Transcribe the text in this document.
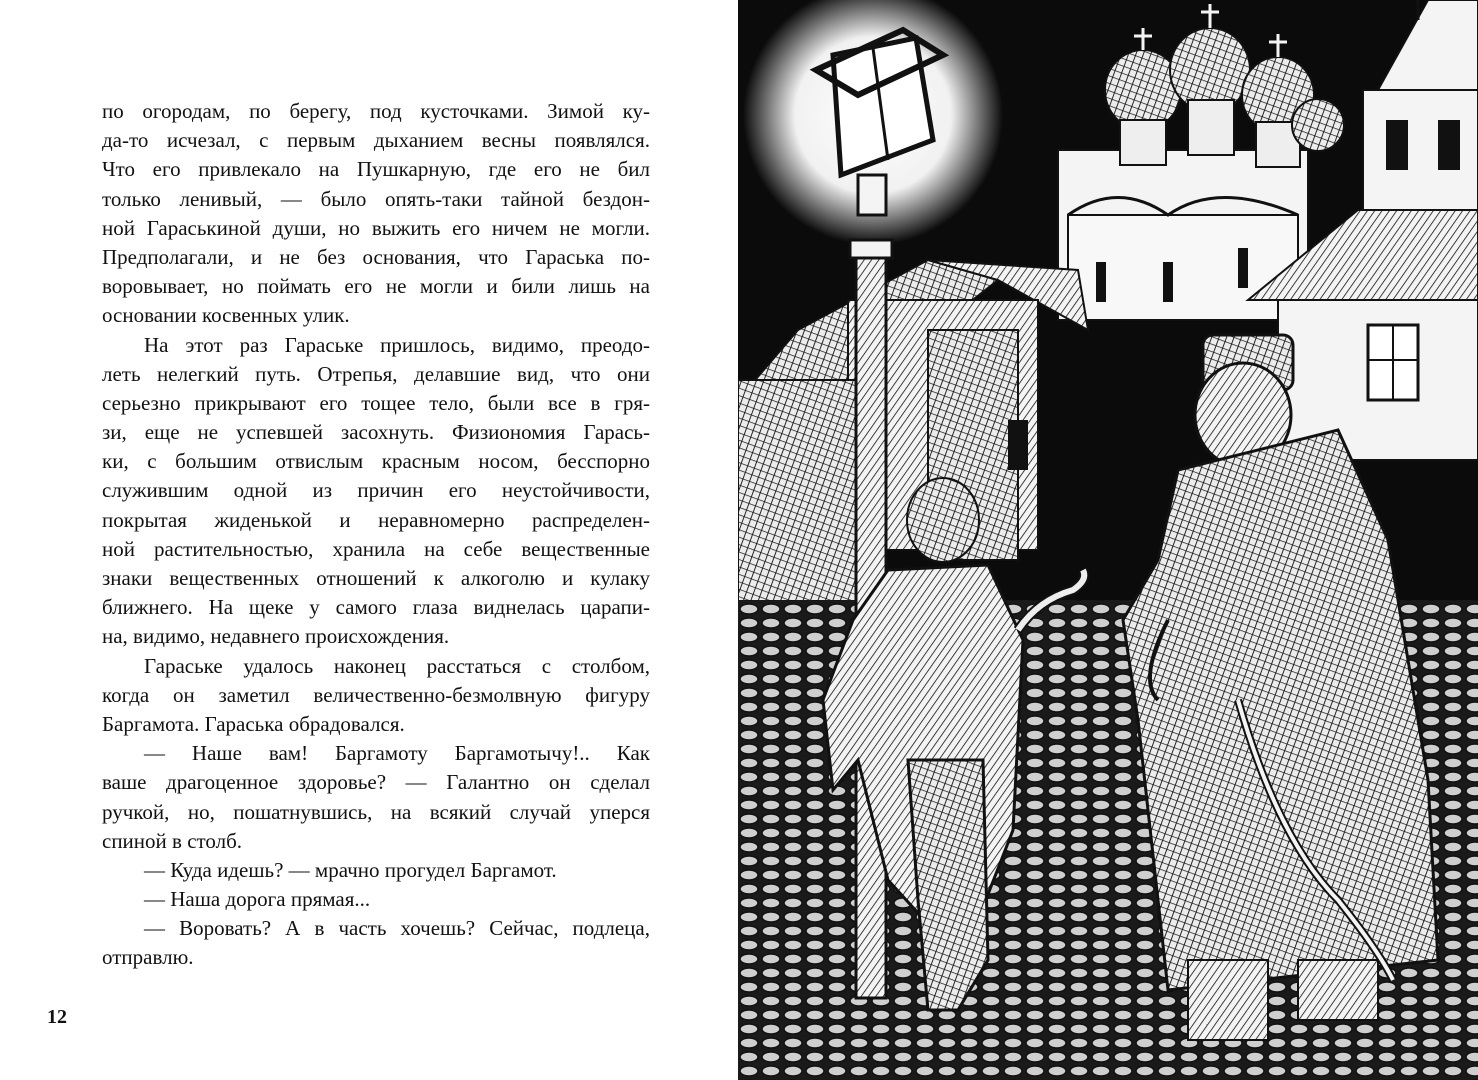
по огородам, по берегу, под кусточками. Зимой ку-
да-то исчезал, с первым дыханием весны появлялся.
Что его привлекало на Пушкарную, где его не бил
только ленивый, — было опять-таки тайной бездон-
ной Гараськиной души, но выжить его ничем не могли.
Предполагали, и не без основания, что Гараська по-
воровывает, но поймать его не могли и били лишь на
основании косвенных улик.
На этот раз Гараське пришлось, видимо, преодо-
леть нелегкий путь. Отрепья, делавшие вид, что они
серьезно прикрывают его тощее тело, были все в гря-
зи, еще не успевшей засохнуть. Физиономия Гарась-
ки, с большим отвислым красным носом, бесспорно
служившим одной из причин его неустойчивости,
покрытая жиденькой и неравномерно распределен-
ной растительностью, хранила на себе вещественные
знаки вещественных отношений к алкоголю и кулаку
ближнего. На щеке у самого глаза виднелась царапи-
на, видимо, недавнего происхождения.
Гараське удалось наконец расстаться с столбом,
когда он заметил величественно-безмолвную фигуру
Баргамота. Гараська обрадовался.
— Наше вам! Баргамоту Баргамотычу!.. Как
ваше драгоценное здоровье? — Галантно он сделал
ручкой, но, пошатнувшись, на всякий случай уперся
спиной в столб.
— Куда идешь? — мрачно прогудел Баргамот.
— Наша дорога прямая...
— Воровать? А в часть хочешь? Сейчас, подлеца,
отправлю.
12
